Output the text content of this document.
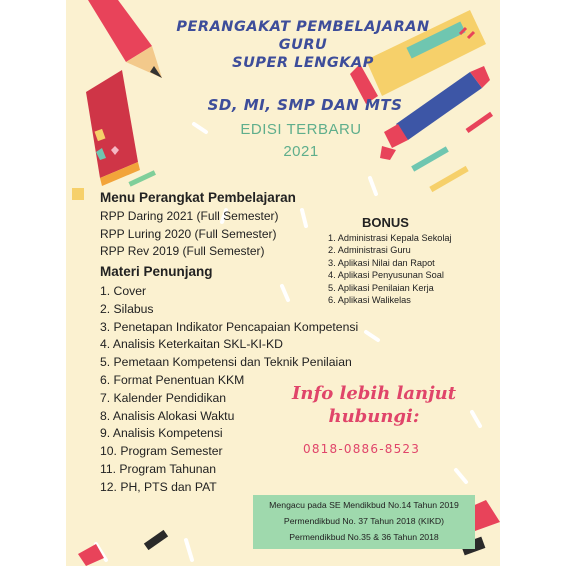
PERANGAKAT PEMBELAJARAN
GURU
SUPER LENGKAP
SD, MI, SMP DAN MTS
EDISI TERBARU
2021
Menu Perangkat Pembelajaran
RPP Daring 2021 (Full Semester)
RPP Luring 2020 (Full Semester)
RPP Rev 2019 (Full Semester)
BONUS
1. Administrasi Kepala Sekolaj
2. Administrasi Guru
3. Aplikasi Nilai dan Rapot
4. Aplikasi Penyusunan Soal
5. Aplikasi Penilaian Kerja
6. Aplikasi Walikelas
Materi Penunjang
1. Cover
2. Silabus
3. Penetapan Indikator Pencapaian Kompetensi
4. Analisis Keterkaitan SKL-KI-KD
5. Pemetaan Kompetensi dan Teknik Penilaian
6. Format Penentuan KKM
7. Kalender Pendidikan
8. Analisis Alokasi Waktu
9. Analisis Kompetensi
10. Program Semester
11. Program Tahunan
12. PH, PTS dan PAT
Info lebih lanjut
hubungi:
0818-0886-8523
Mengacu pada SE Mendikbud No.14 Tahun 2019
Permendikbud No. 37 Tahun 2018 (KIKD)
Permendikbud No.35 & 36 Tahun 2018
